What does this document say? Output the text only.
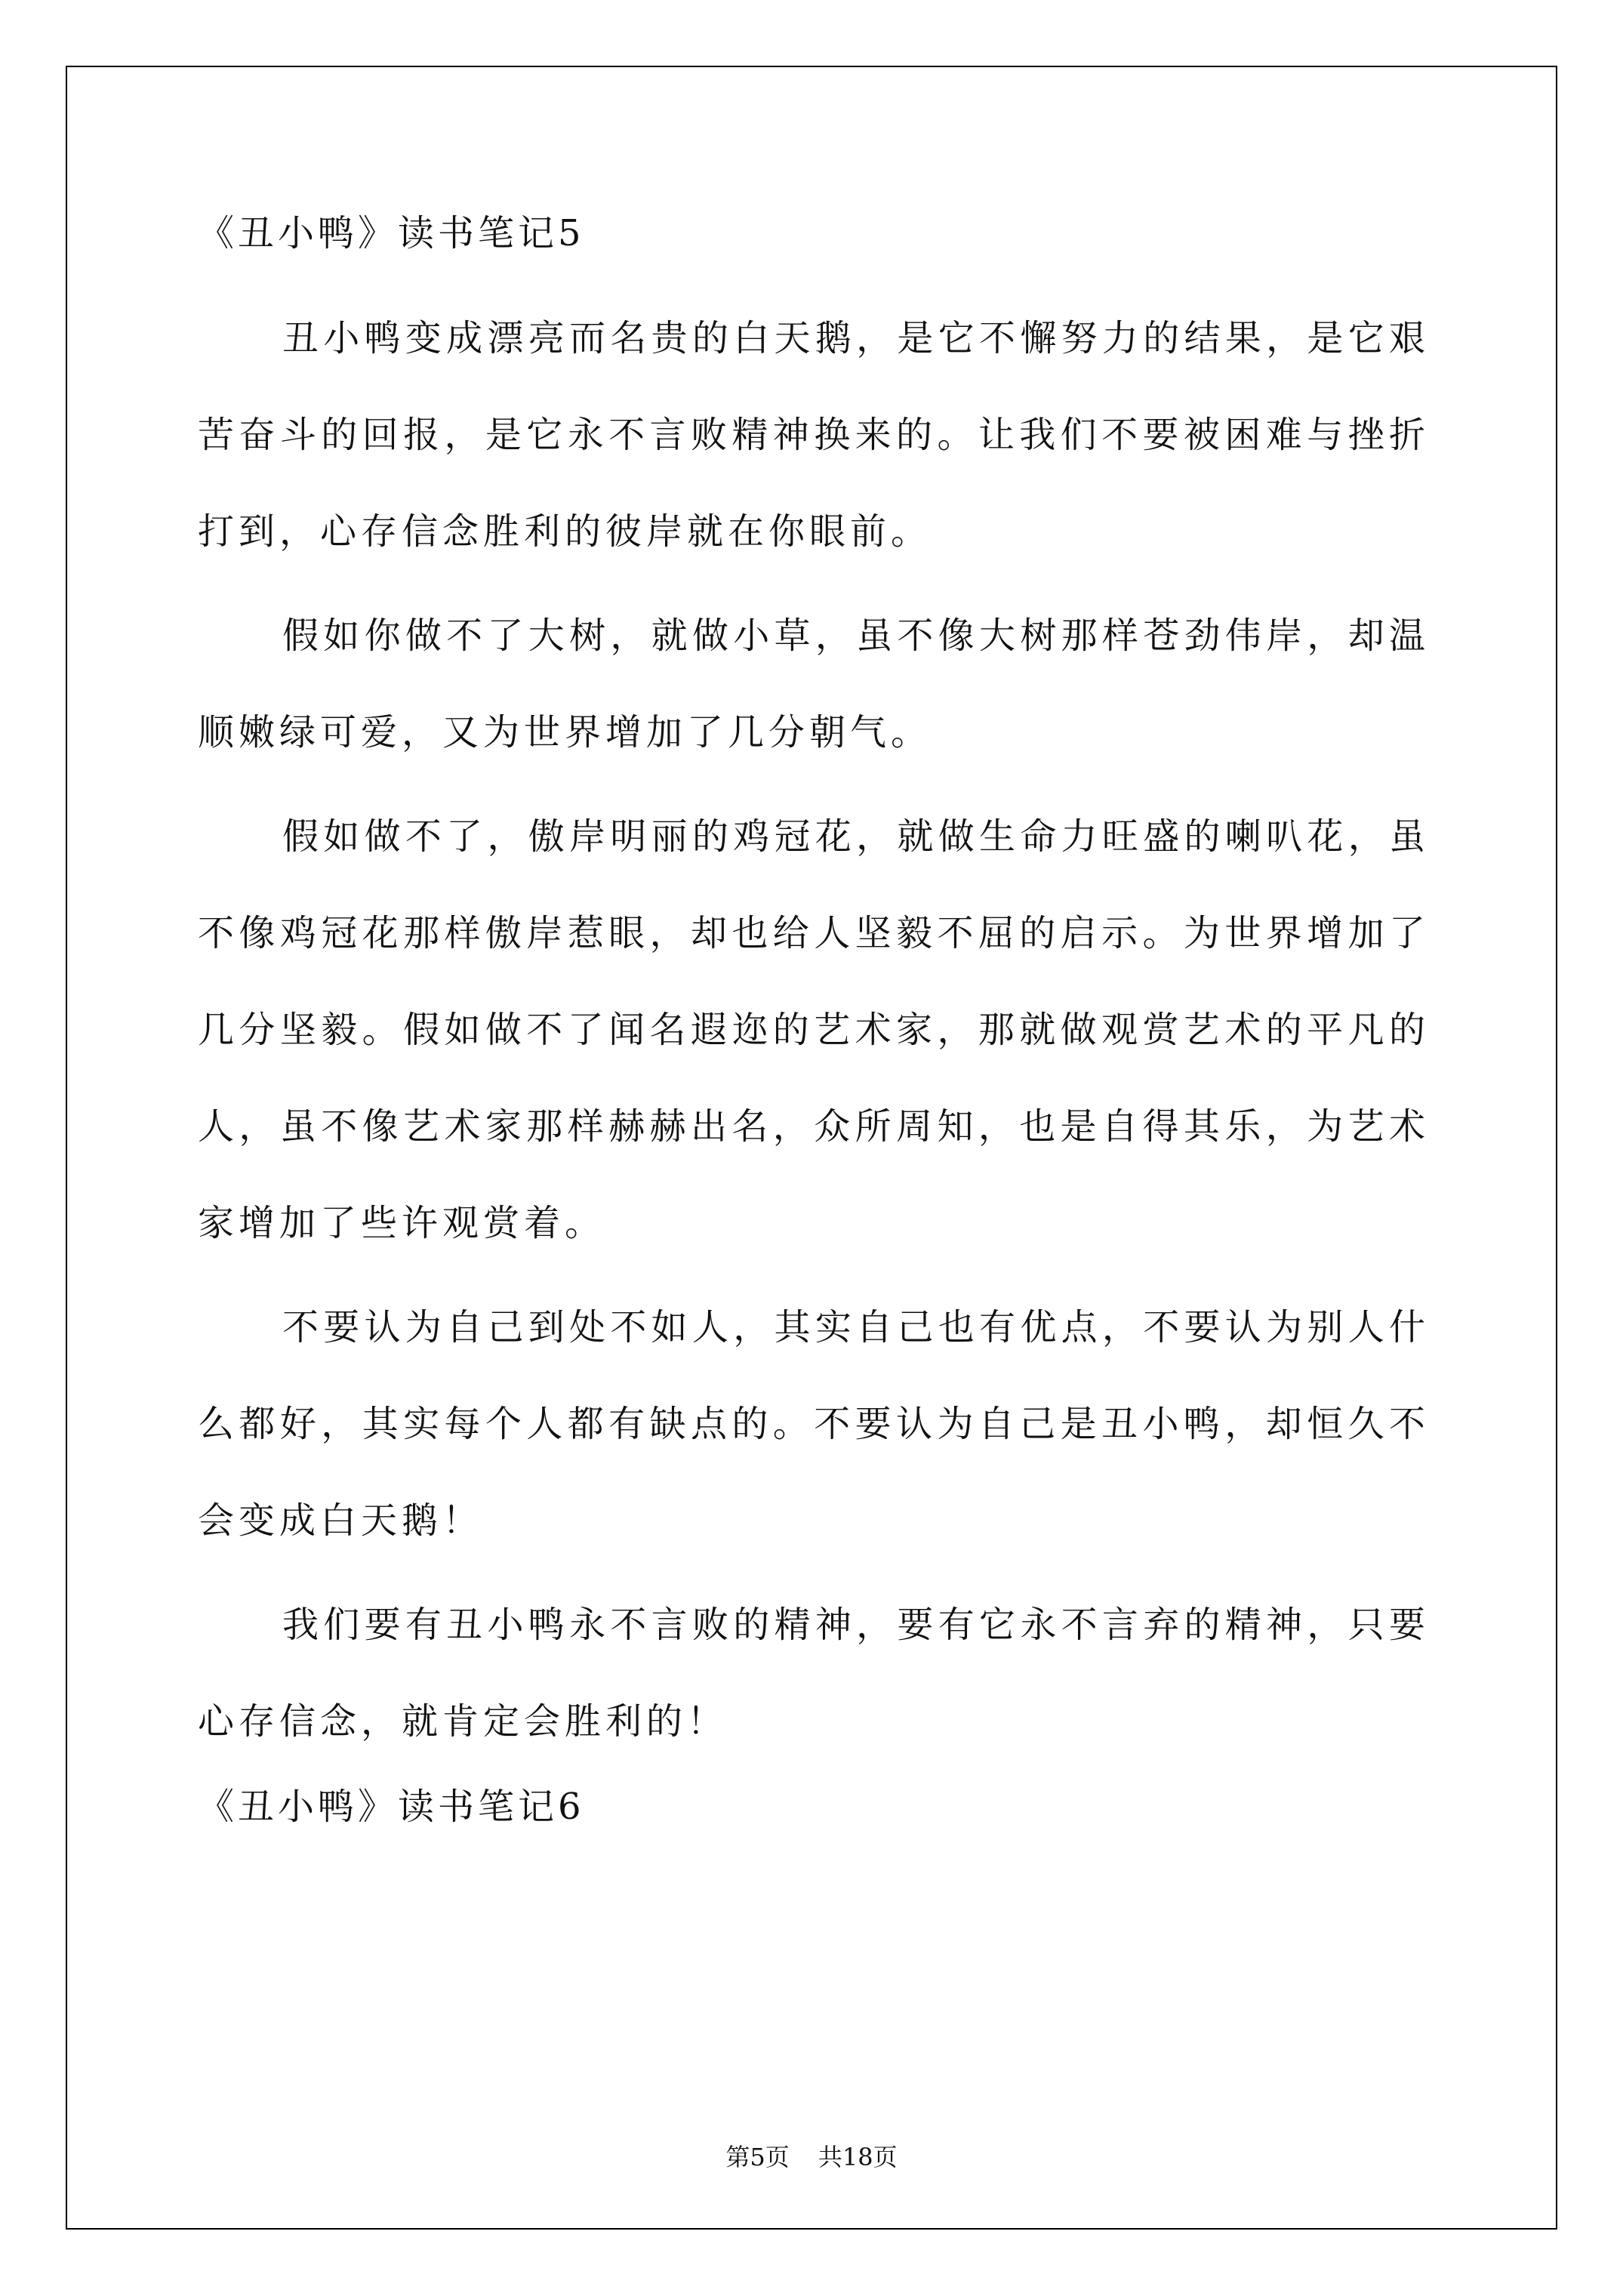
《丑小鸭》读书笔记5

丑小鸭变成漂亮而名贵的白天鹅，是它不懈努力的结果，是它艰苦奋斗的回报，是它永不言败精神换来的。让我们不要被困难与挫折打到，心存信念胜利的彼岸就在你眼前。

假如你做不了大树，就做小草，虽不像大树那样苍劲伟岸，却温顺嫩绿可爱，又为世界增加了几分朝气。

假如做不了，傲岸明丽的鸡冠花，就做生命力旺盛的喇叭花，虽不像鸡冠花那样傲岸惹眼，却也给人坚毅不屈的启示。为世界增加了几分坚毅。假如做不了闻名遐迩的艺术家，那就做观赏艺术的平凡的人，虽不像艺术家那样赫赫出名，众所周知，也是自得其乐，为艺术家增加了些许观赏着。

不要认为自己到处不如人，其实自己也有优点，不要认为别人什么都好，其实每个人都有缺点的。不要认为自己是丑小鸭，却恒久不会变成白天鹅！

我们要有丑小鸭永不言败的精神，要有它永不言弃的精神，只要心存信念，就肯定会胜利的！

《丑小鸭》读书笔记6
第5页 共18页
